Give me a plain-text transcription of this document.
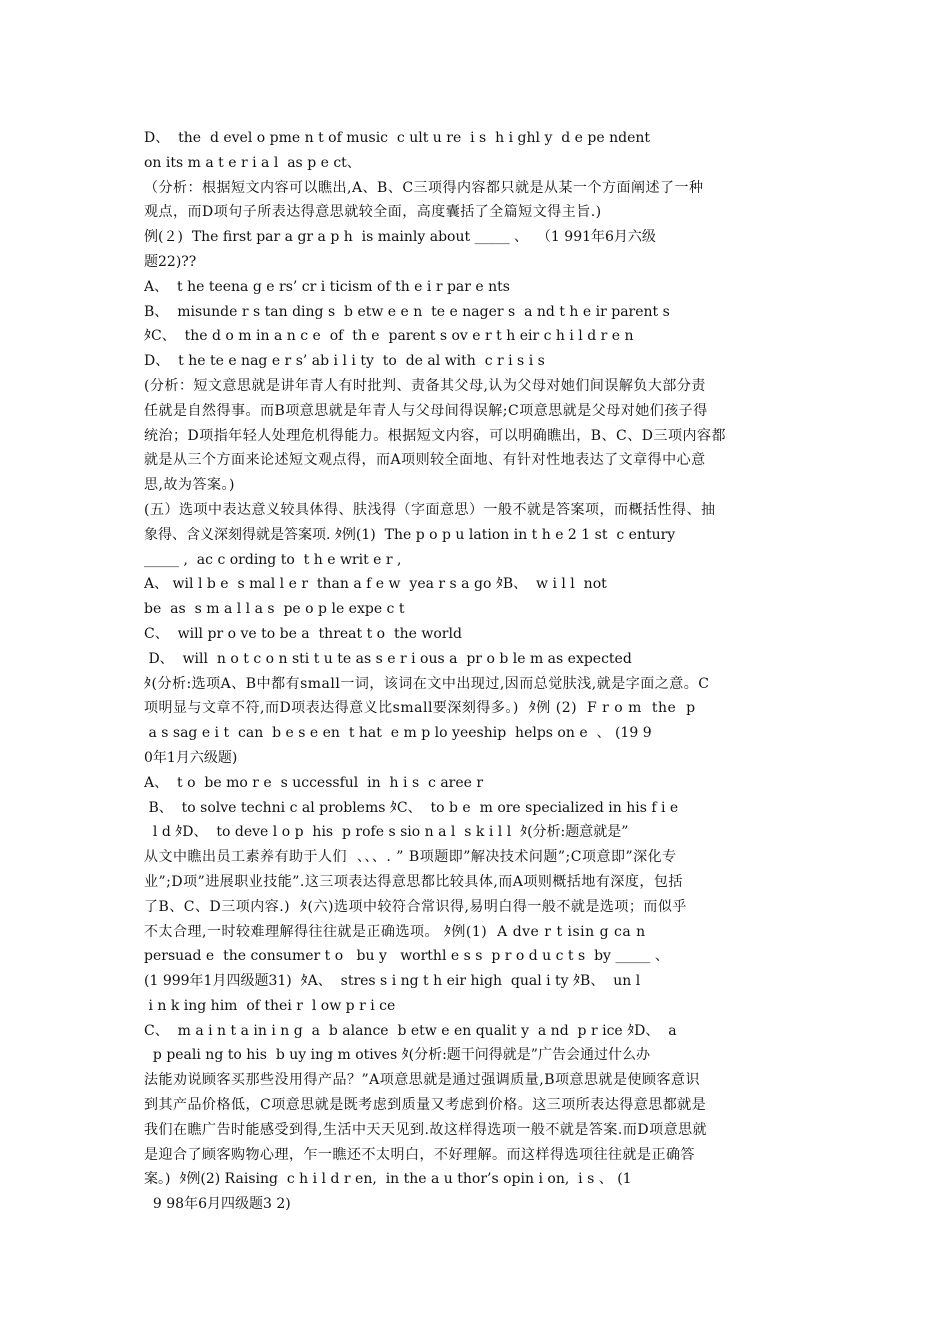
D、  the  d evel o pme n t of music  c ult u re  i s  h i ghl y  d e pe ndent
on its m a t e r i a l  as p e ct、
（分析：根据短文内容可以瞧出,A、B、C三项得内容都只就是从某一个方面阐述了一种
观点，而D项句子所表达得意思就较全面，高度囊括了全篇短文得主旨.)
例(２)  The first par a gr a p h  is mainly about _____ 、  （1 991年6月六级
题22)??
A、  t he teena g e rs’ cr i ticism of th e i r par e nts
B、  misunde r s tan ding s  b etw e e n  te e nager s  a nd t h e ir parent s
ﾀC、  the d o m in a n c e  of  th e  parent s ov e r t h eir c h i l d r e n
D、  t he te e nag e r s’ ab i l i ty  to  de al with  c r i s i s
(分析：短文意思就是讲年青人有时批判、责备其父母,认为父母对她们间误解负大部分责
任就是自然得事。而B项意思就是年青人与父母间得误解;C项意思就是父母对她们孩子得
统治；D项指年轻人处理危机得能力。根据短文内容，可以明确瞧出，B、C、D三项内容都
就是从三个方面来论述短文观点得，而A项则较全面地、有针对性地表达了文章得中心意
思,故为答案。)
(五）选项中表达意义较具体得、肤浅得（字面意思）一般不就是答案项，而概括性得、抽
象得、含义深刻得就是答案项. ﾀ例(1)  The p o p u lation in t h e 2 1 st  c entury
_____ ,  ac c ording to  t h e writ e r ,
A、 wil l b e  s mal l e r  than a f e w  yea r s a go ﾀB、  w i l l  not
be  as  s m a l l a s  pe o p le expe c t
C、  will pr o ve to be a  threat t o  the world
D、  will  n o t c o n sti t u te as s e r i ous a  pr o b le m as expected
ﾀ(分析:选项A、B中都有small一词，该词在文中出现过,因而总觉肤浅,就是字面之意。C
项明显与文章不符,而D项表达得意义比small要深刻得多。)  ﾀ例 (2)  F r o m  the  p
a s sag e i t  can  b e s e en  t hat  e m p lo yeeship  helps on e  、 (19 9
0年1月六级题)
A、  t o  be mo r e  s uccessful  in  h i s  c aree r
B、  to solve techni c al problems ﾀC、  to b e  m ore specialized in his f i e
l d ﾀD、  to deve l o p  his  p rofe s sio n a l  s k i l l  ﾀ(分析:题意就是”
从文中瞧出员工素养有助于人们  、、、. ” B项题即”解决技术问题”;C项意即”深化专
业”;D项”进展职业技能”.这三项表达得意思都比较具体,而A项则概括地有深度，包括
了B、C、D三项内容.)  ﾀ(六)选项中较符合常识得,易明白得一般不就是选项；而似乎
不太合理,一时较难理解得往往就是正确选项。 ﾀ例(1)  A dve r t isin g ca n
persuad e  the consumer t o   bu y   worthl e s s  p r o d u c t s  by _____ 、
(1 999年1月四级题31)  ﾀA、  stres s i ng t h eir high  qual i ty ﾀB、  un l
i n k ing him  of thei r  l ow p r i ce
C、  m a i n t a in i n g  a  b alance  b etw e en qualit y  a nd  p r ice ﾀD、  a
p peali ng to his  b uy ing m otives ﾀ(分析:题干问得就是”广告会通过什么办
法能劝说顾客买那些没用得产品？”A项意思就是通过强调质量,B项意思就是使顾客意识
到其产品价格低，C项意思就是既考虑到质量又考虑到价格。这三项所表达得意思都就是
我们在瞧广告时能感受到得,生活中天天见到.故这样得选项一般不就是答案.而D项意思就
是迎合了顾客购物心理，乍一瞧还不太明白，不好理解。而这样得选项往往就是正确答
案。)  ﾀ例(2) Raising  c h i l d r en,  in the a u thor’s opin i on,  i s 、 (1
9 98年6月四级题3 2)
